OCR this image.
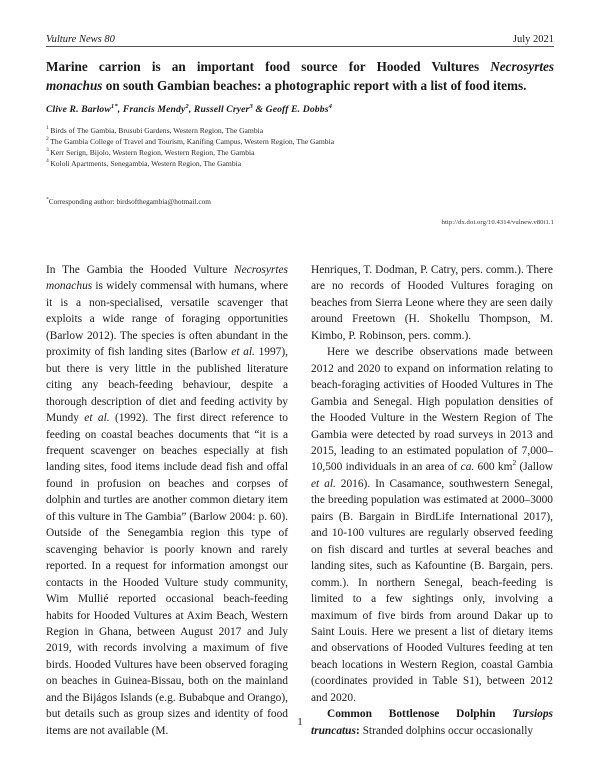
Vulture News 80	July 2021
Marine carrion is an important food source for Hooded Vultures Necrosyrtes
monachus on south Gambian beaches: a photographic report with a list of food items.
Clive R. Barlow$^{1*}$, Francis Mendy$^2$, Russell Cryer$^3$ & Geoff E. Dobbs$^4$
$^1$ Birds of The Gambia, Brusubi Gardens, Western Region, The Gambia
$^2$ The Gambia College of Travel and Tourism, Kanifing Campus, Western Region, The Gambia
$^3$ Kerr Serign, Bijolo, Western Region, Western Region, The Gambia
$^4$ Kololi Apartments, Senegambia, Western Region, The Gambia
*Corresponding author: birdsofthegambia@hotmail.com
http://dx.doi.org/10.4314/vulnew.v80i1.1

In The Gambia the Hooded Vulture Necrosyrtes monachus is widely commensal with humans, where it is a non-specialised, versatile scavenger that exploits a wide range of foraging opportunities (Barlow 2012). The species is often abundant in the proximity of fish landing sites (Barlow et al. 1997), but there is very little in the published literature citing any beach-feeding behaviour, despite a thorough description of diet and feeding activity by Mundy et al. (1992). The first direct reference to feeding on coastal beaches documents that “it is a frequent scavenger on beaches especially at fish landing sites, food items include dead fish and offal found in profusion on beaches and corpses of dolphin and turtles are another common dietary item of this vulture in The Gambia” (Barlow 2004: p. 60). Outside of the Senegambia region this type of scavenging behavior is poorly known and rarely reported. In a request for information amongst our contacts in the Hooded Vulture study community, Wim Mullié reported occasional beach-feeding habits for Hooded Vultures at Axim Beach, Western Region in Ghana, between August 2017 and July 2019, with records involving a maximum of five birds. Hooded Vultures have been observed foraging on beaches in Guinea-Bissau, both on the mainland and the Bijágos Islands (e.g. Bubabque and Orango), but details such as group sizes and identity of food items are not available (M.

Henriques, T. Dodman, P. Catry, pers. comm.). There are no records of Hooded Vultures foraging on beaches from Sierra Leone where they are seen daily around Freetown (H. Shokellu Thompson, M. Kimbo, P. Robinson, pers. comm.).

Here we describe observations made between 2012 and 2020 to expand on information relating to beach-foraging activities of Hooded Vultures in The Gambia and Senegal. High population densities of the Hooded Vulture in the Western Region of The Gambia were detected by road surveys in 2013 and 2015, leading to an estimated population of 7,000–10,500 individuals in an area of ca. 600 $km^2$ (Jallow et al. 2016). In Casamance, southwestern Senegal, the breeding population was estimated at 2000–3000 pairs (B. Bargain in BirdLife International 2017), and 10-100 vultures are regularly observed feeding on fish discard and turtles at several beaches and landing sites, such as Kafountine (B. Bargain, pers. comm.). In northern Senegal, beach-feeding is limited to a few sightings only, involving a maximum of five birds from around Dakar up to Saint Louis. Here we present a list of dietary items and observations of Hooded Vultures feeding at ten beach locations in Western Region, coastal Gambia (coordinates provided in Table S1), between 2012 and 2020.

Common Bottlenose Dolphin Tursiops truncatus: Stranded dolphins occur occasionally

1
